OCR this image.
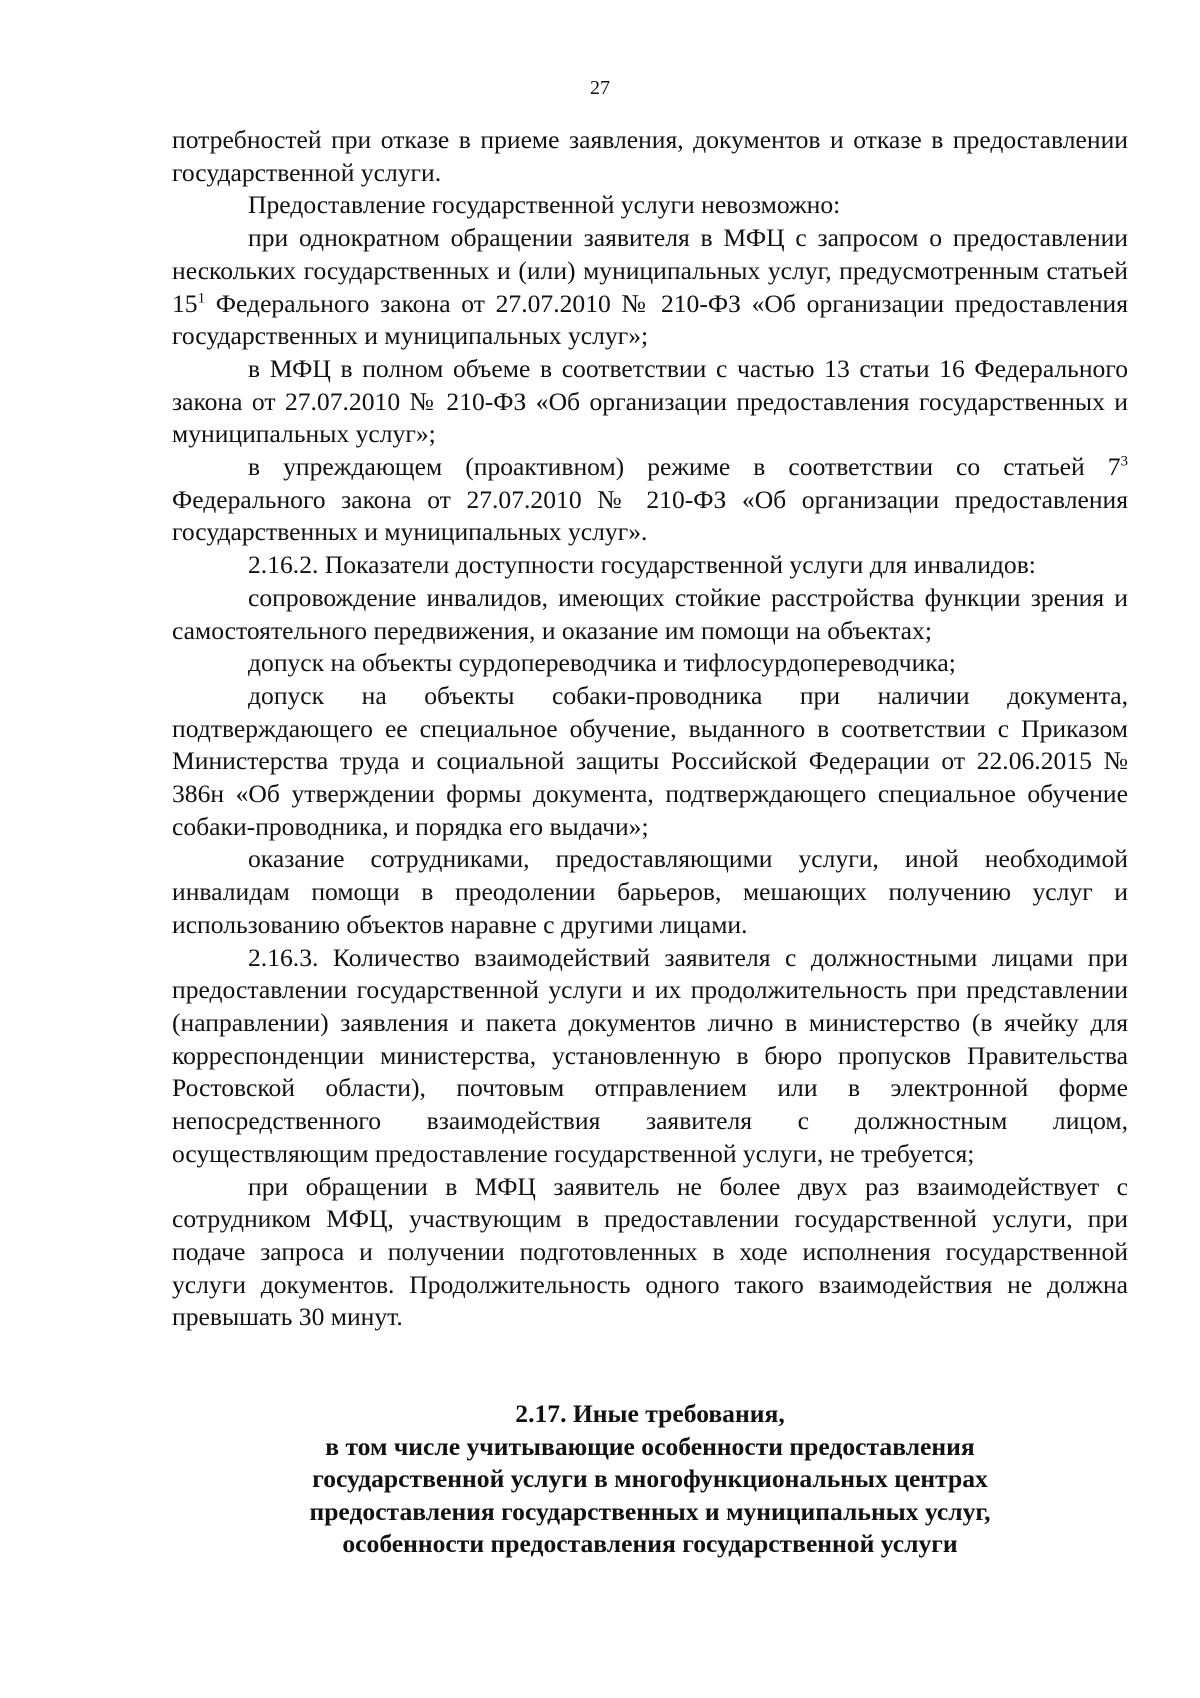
27

потребностей при отказе в приеме заявления, документов и отказе в предоставлении государственной услуги.

Предоставление государственной услуги невозможно:

при однократном обращении заявителя в МФЦ с запросом о предоставлении нескольких государственных и (или) муниципальных услуг, предусмотренным статьей $15^1$ Федерального закона от 27.07.2010 № 210-ФЗ «Об организации предоставления государственных и муниципальных услуг»;

в МФЦ в полном объеме в соответствии с частью 13 статьи 16 Федерального закона от 27.07.2010 № 210-ФЗ «Об организации предоставления государственных и муниципальных услуг»;

в упреждающем (проактивном) режиме в соответствии со статьей $7^3$ Федерального закона от 27.07.2010 № 210-ФЗ «Об организации предоставления государственных и муниципальных услуг».

2.16.2. Показатели доступности государственной услуги для инвалидов:

сопровождение инвалидов, имеющих стойкие расстройства функции зрения и самостоятельного передвижения, и оказание им помощи на объектах;

допуск на объекты сурдопереводчика и тифлосурдопереводчика;

допуск на объекты собаки-проводника при наличии документа, подтверждающего ее специальное обучение, выданного в соответствии с Приказом Министерства труда и социальной защиты Российской Федерации от 22.06.2015 № 386н «Об утверждении формы документа, подтверждающего специальное обучение собаки-проводника, и порядка его выдачи»;

оказание сотрудниками, предоставляющими услуги, иной необходимой инвалидам помощи в преодолении барьеров, мешающих получению услуг и использованию объектов наравне с другими лицами.

2.16.3. Количество взаимодействий заявителя с должностными лицами при предоставлении государственной услуги и их продолжительность при представлении (направлении) заявления и пакета документов лично в министерство (в ячейку для корреспонденции министерства, установленную в бюро пропусков Правительства Ростовской области), почтовым отправлением или в электронной форме непосредственного взаимодействия заявителя с должностным лицом, осуществляющим предоставление государственной услуги, не требуется;

при обращении в МФЦ заявитель не более двух раз взаимодействует с сотрудником МФЦ, участвующим в предоставлении государственной услуги, при подаче запроса и получении подготовленных в ходе исполнения государственной услуги документов. Продолжительность одного такого взаимодействия не должна превышать 30 минут.

2.17. Иные требования,
в том числе учитывающие особенности предоставления
государственной услуги в многофункциональных центрах
предоставления государственных и муниципальных услуг,
особенности предоставления государственной услуги
